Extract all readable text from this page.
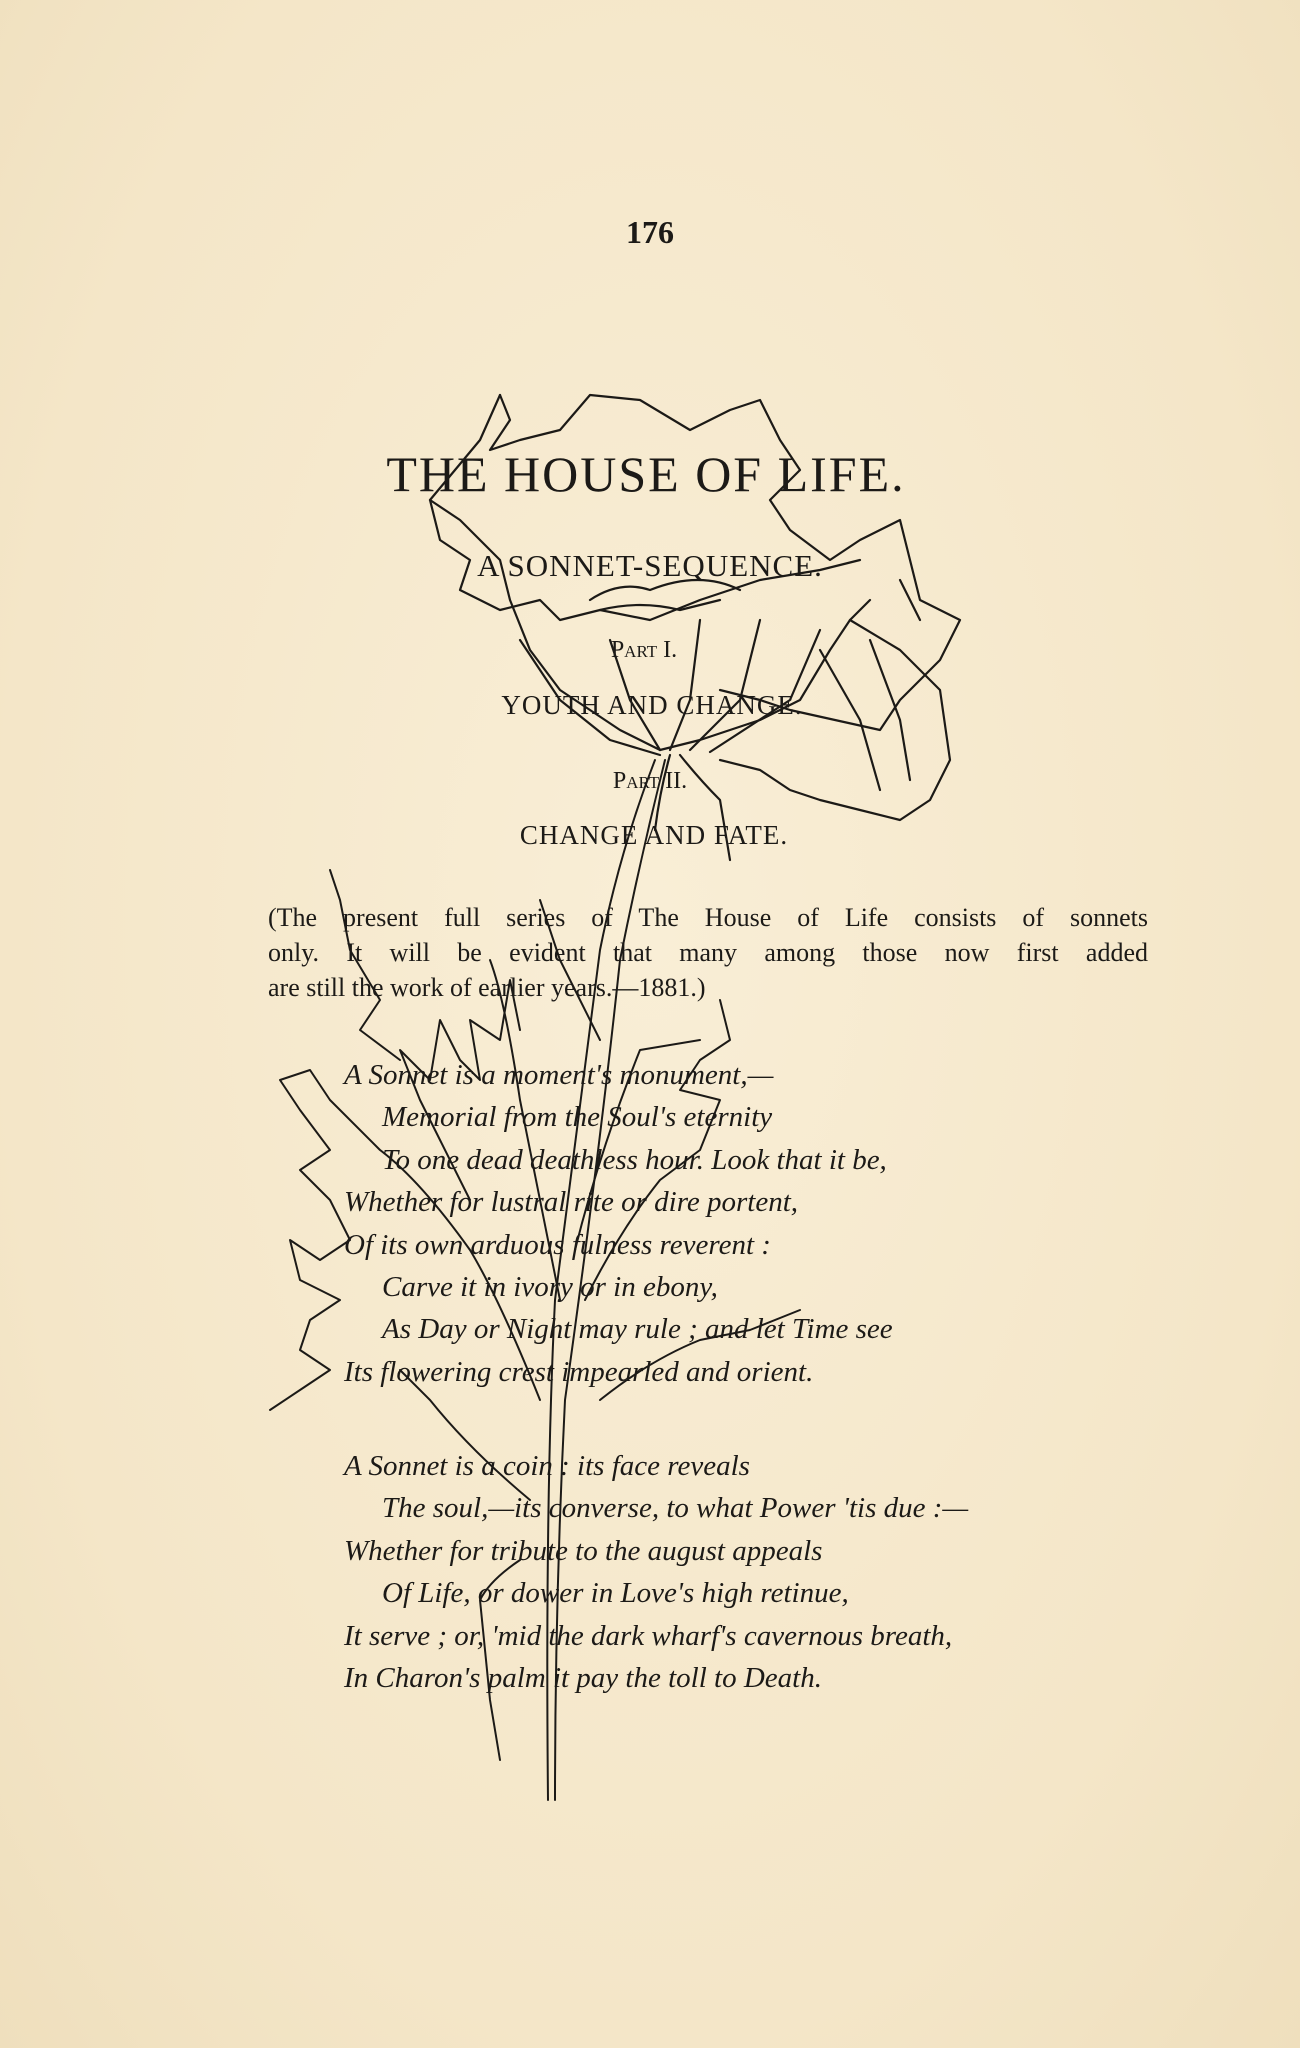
176
THE HOUSE OF LIFE.
A SONNET-SEQUENCE.
Part I.
YOUTH AND CHANGE.
Part II.
CHANGE AND FATE.
(The present full series of The House of Life consists of sonnets
only. It will be evident that many among those now first added
are still the work of earlier years.—1881.)
A Sonnet is a moment's monument,—
Memorial from the Soul's eternity
To one dead deathless hour. Look that it be,
Whether for lustral rite or dire portent,
Of its own arduous fulness reverent :
Carve it in ivory or in ebony,
As Day or Night may rule ; and let Time see
Its flowering crest impearled and orient.
A Sonnet is a coin : its face reveals
The soul,—its converse, to what Power 'tis due :—
Whether for tribute to the august appeals
Of Life, or dower in Love's high retinue,
It serve ; or, 'mid the dark wharf's cavernous breath,
In Charon's palm it pay the toll to Death.
